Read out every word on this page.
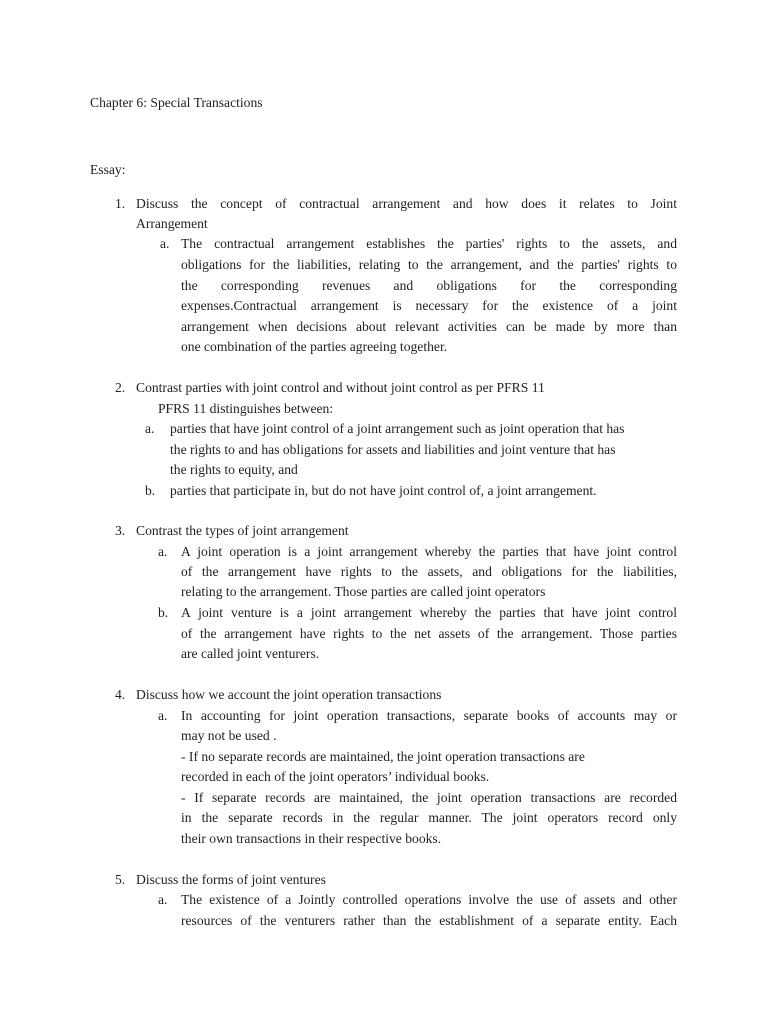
Chapter 6: Special Transactions
Essay:
1. Discuss the concept of contractual arrangement and how does it relates to Joint
Arrangement
a. The contractual arrangement establishes the parties' rights to the assets, and
obligations for the liabilities, relating to the arrangement, and the parties' rights to
the corresponding revenues and obligations for the corresponding
expenses.Contractual arrangement is necessary for the existence of a joint
arrangement when decisions about relevant activities can be made by more than
one combination of the parties agreeing together.
2. Contrast parties with joint control and without joint control as per PFRS 11
PFRS 11 distinguishes between:
a. parties that have joint control of a joint arrangement such as joint operation that has
the rights to and has obligations for assets and liabilities and joint venture that has
the rights to equity, and
b. parties that participate in, but do not have joint control of, a joint arrangement.
3. Contrast the types of joint arrangement
a. A joint operation is a joint arrangement whereby the parties that have joint control
of the arrangement have rights to the assets, and obligations for the liabilities,
relating to the arrangement. Those parties are called joint operators
b. A joint venture is a joint arrangement whereby the parties that have joint control
of the arrangement have rights to the net assets of the arrangement. Those parties
are called joint venturers.
4. Discuss how we account the joint operation transactions
a. In accounting for joint operation transactions, separate books of accounts may or
may not be used .
- If no separate records are maintained, the joint operation transactions are
recorded in each of the joint operators’ individual books.
- If separate records are maintained, the joint operation transactions are recorded
in the separate records in the regular manner. The joint operators record only
their own transactions in their respective books.
5. Discuss the forms of joint ventures
a. The existence of a Jointly controlled operations involve the use of assets and other
resources of the venturers rather than the establishment of a separate entity. Each
